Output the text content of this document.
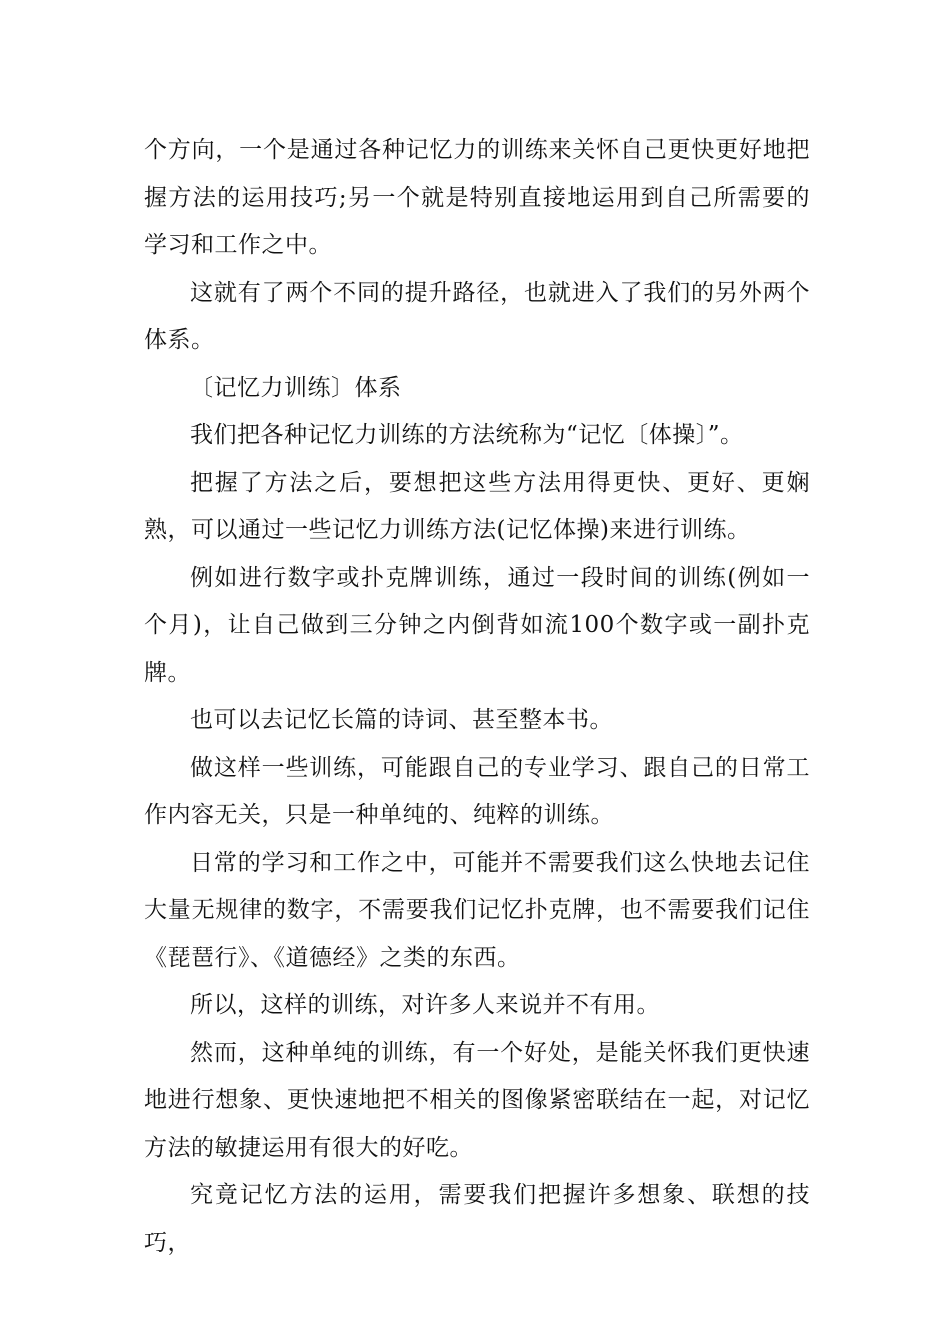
个方向，一个是通过各种记忆力的训练来关怀自己更快更好地把握方法的运用技巧;另一个就是特别直接地运用到自己所需要的学习和工作之中。

这就有了两个不同的提升路径，也就进入了我们的另外两个体系。

〔记忆力训练〕体系

我们把各种记忆力训练的方法统称为“记忆〔体操〕”。

把握了方法之后，要想把这些方法用得更快、更好、更娴熟，可以通过一些记忆力训练方法(记忆体操)来进行训练。

例如进行数字或扑克牌训练，通过一段时间的训练(例如一个月)，让自己做到三分钟之内倒背如流100个数字或一副扑克牌。

也可以去记忆长篇的诗词、甚至整本书。

做这样一些训练，可能跟自己的专业学习、跟自己的日常工作内容无关，只是一种单纯的、纯粹的训练。

日常的学习和工作之中，可能并不需要我们这么快地去记住大量无规律的数字，不需要我们记忆扑克牌，也不需要我们记住《琵琶行》、《道德经》之类的东西。

所以，这样的训练，对许多人来说并不有用。

然而，这种单纯的训练，有一个好处，是能关怀我们更快速地进行想象、更快速地把不相关的图像紧密联结在一起，对记忆方法的敏捷运用有很大的好吃。

究竟记忆方法的运用，需要我们把握许多想象、联想的技巧，
